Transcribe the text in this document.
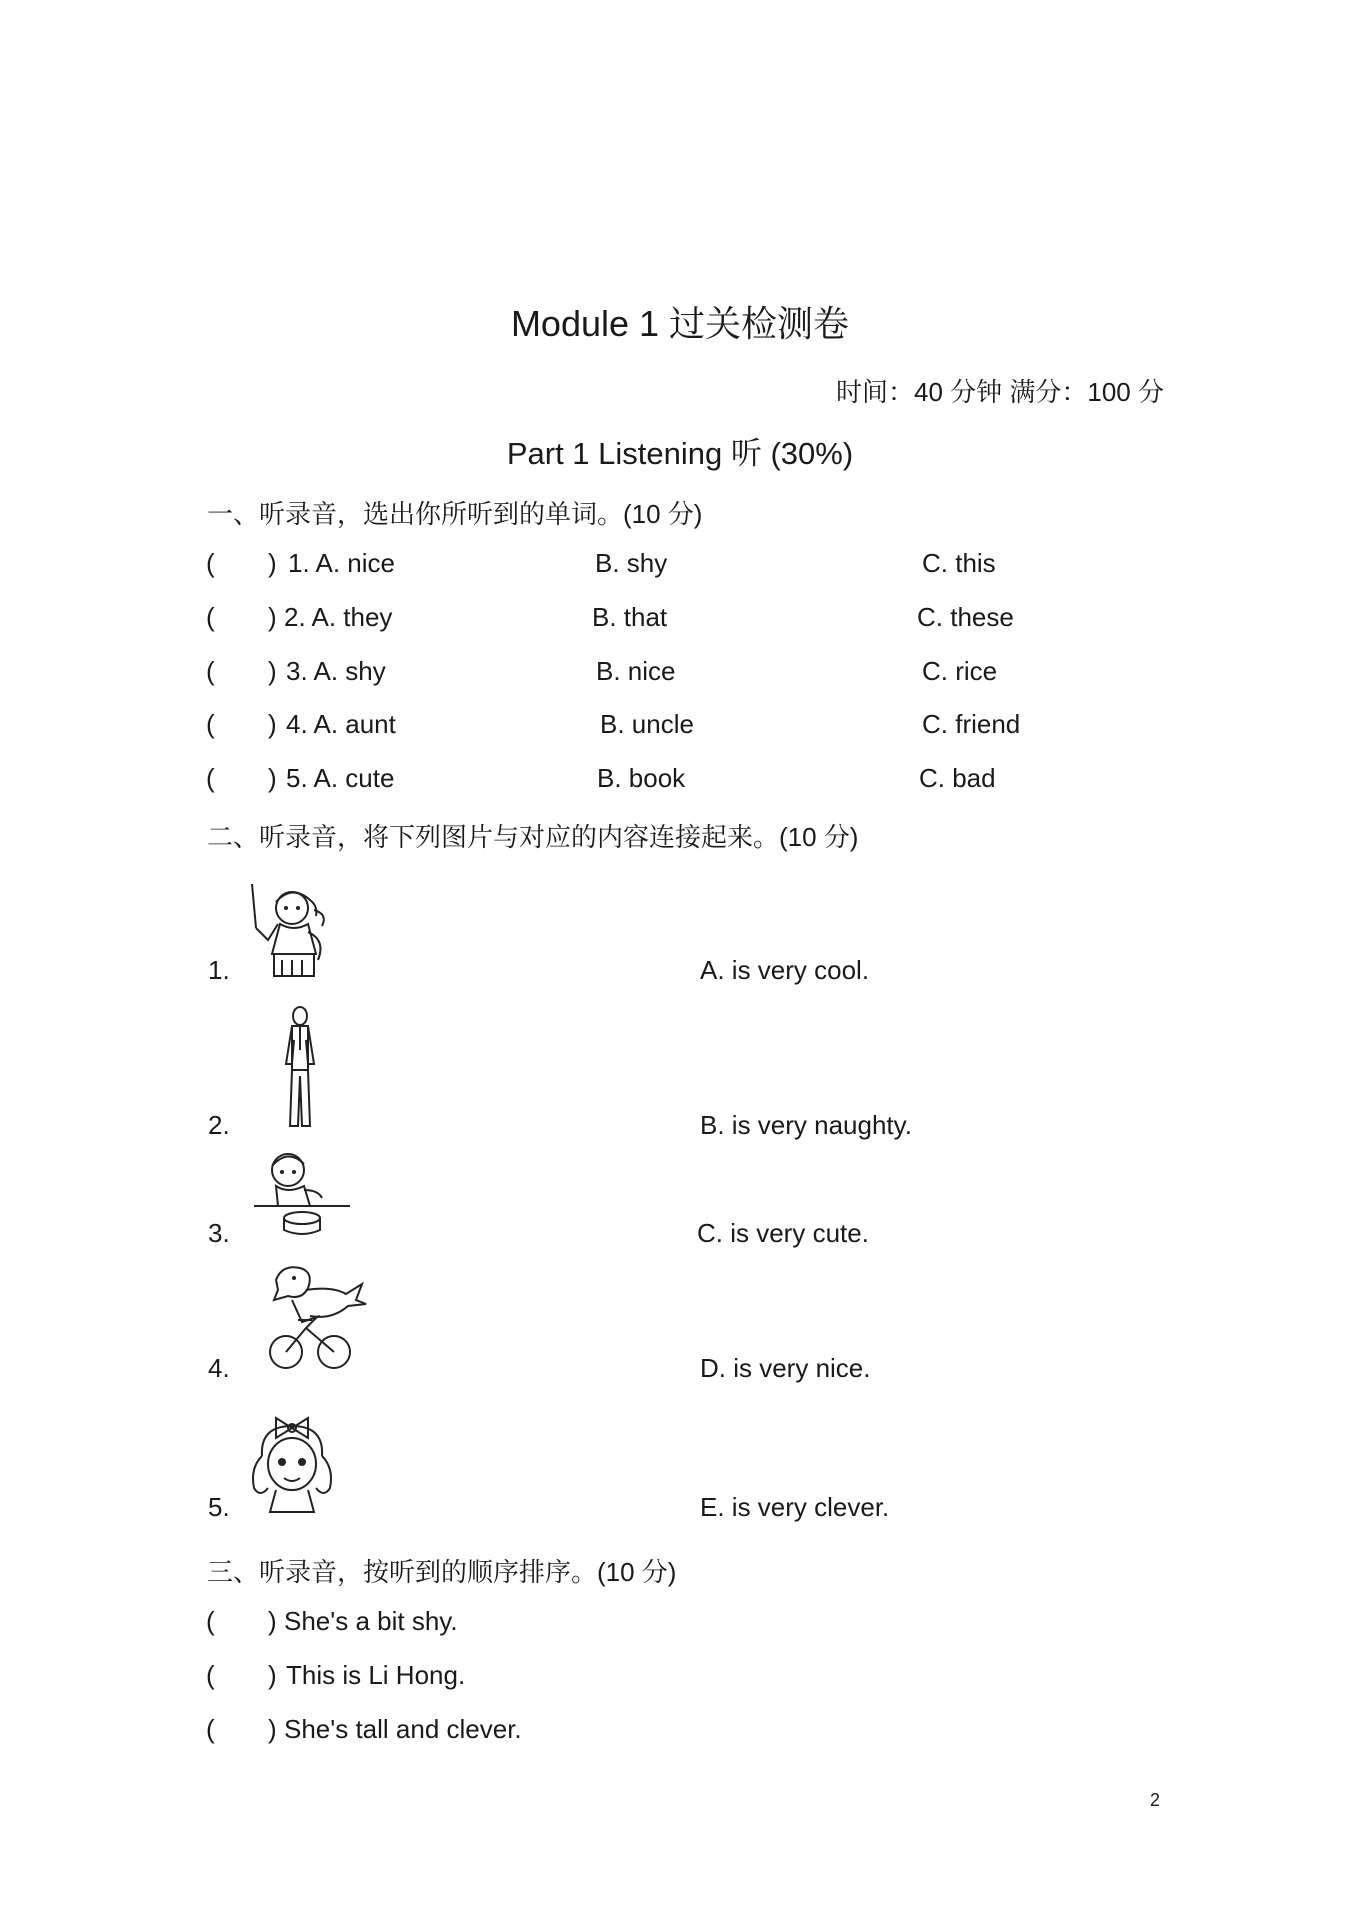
Module 1 过关检测卷
时间：40 分钟 满分：100 分
Part 1 Listening 听 (30%)
一、听录音，选出你所听到的单词。(10 分)
( ) 1. A. nice	B. shy	C. this
( ) 2. A. they	B. that	C. these
( ) 3. A. shy	B. nice	C. rice
( ) 4. A. aunt	B. uncle	C. friend
( ) 5. A. cute	B. book	C. bad
二、听录音，将下列图片与对应的内容连接起来。(10 分)
1.	A. is very cool.
2.	B. is very naughty.
3.	C. is very cute.
4.	D. is very nice.
5.	E. is very clever.
三、听录音，按听到的顺序排序。(10 分)
( ) She's a bit shy.
( ) This is Li Hong.
( ) She's tall and clever.
2
